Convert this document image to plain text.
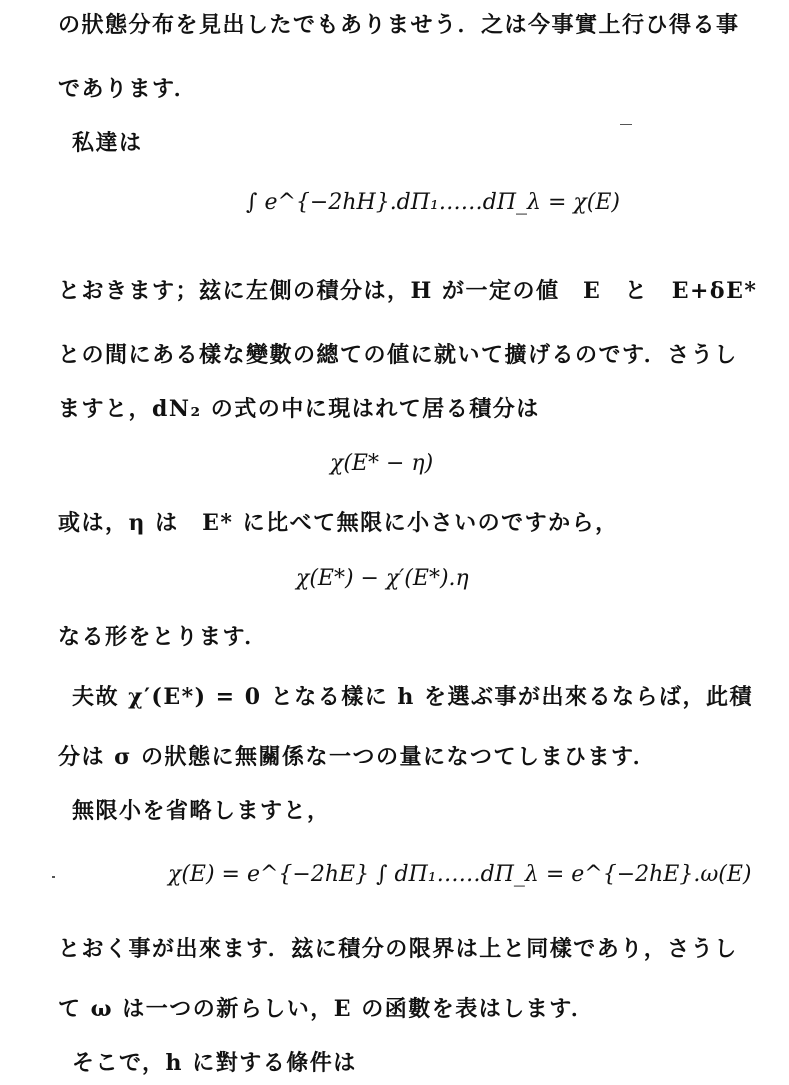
の狀態分布を見出したでもありませう．之は今事實上行ひ得る事
であります．
私達は
∫ e^{−2hH}.dΠ₁……dΠ_λ = χ(E)
とおきます；玆に左側の積分は，H が一定の値　E　と　E+δE*
との間にある樣な變數の總ての値に就いて擴げるのです．さうし
ますと，dN₂ の式の中に現はれて居る積分は
χ(E* − η)
或は，η は　E* に比べて無限に小さいのですから，
χ(E*) − χ′(E*).η
なる形をとります．
夫故 χ′(E*) = 0 となる樣に h を選ぶ事が出來るならば，此積
分は σ の狀態に無關係な一つの量になつてしまひます．
無限小を省略しますと，
χ(E) = e^{−2hE} ∫ dΠ₁……dΠ_λ = e^{−2hE}.ω(E)
とおく事が出來ます．玆に積分の限界は上と同樣であり，さうし
て ω は一つの新らしい，E の函數を表はします．
そこで，h に對する條件は
